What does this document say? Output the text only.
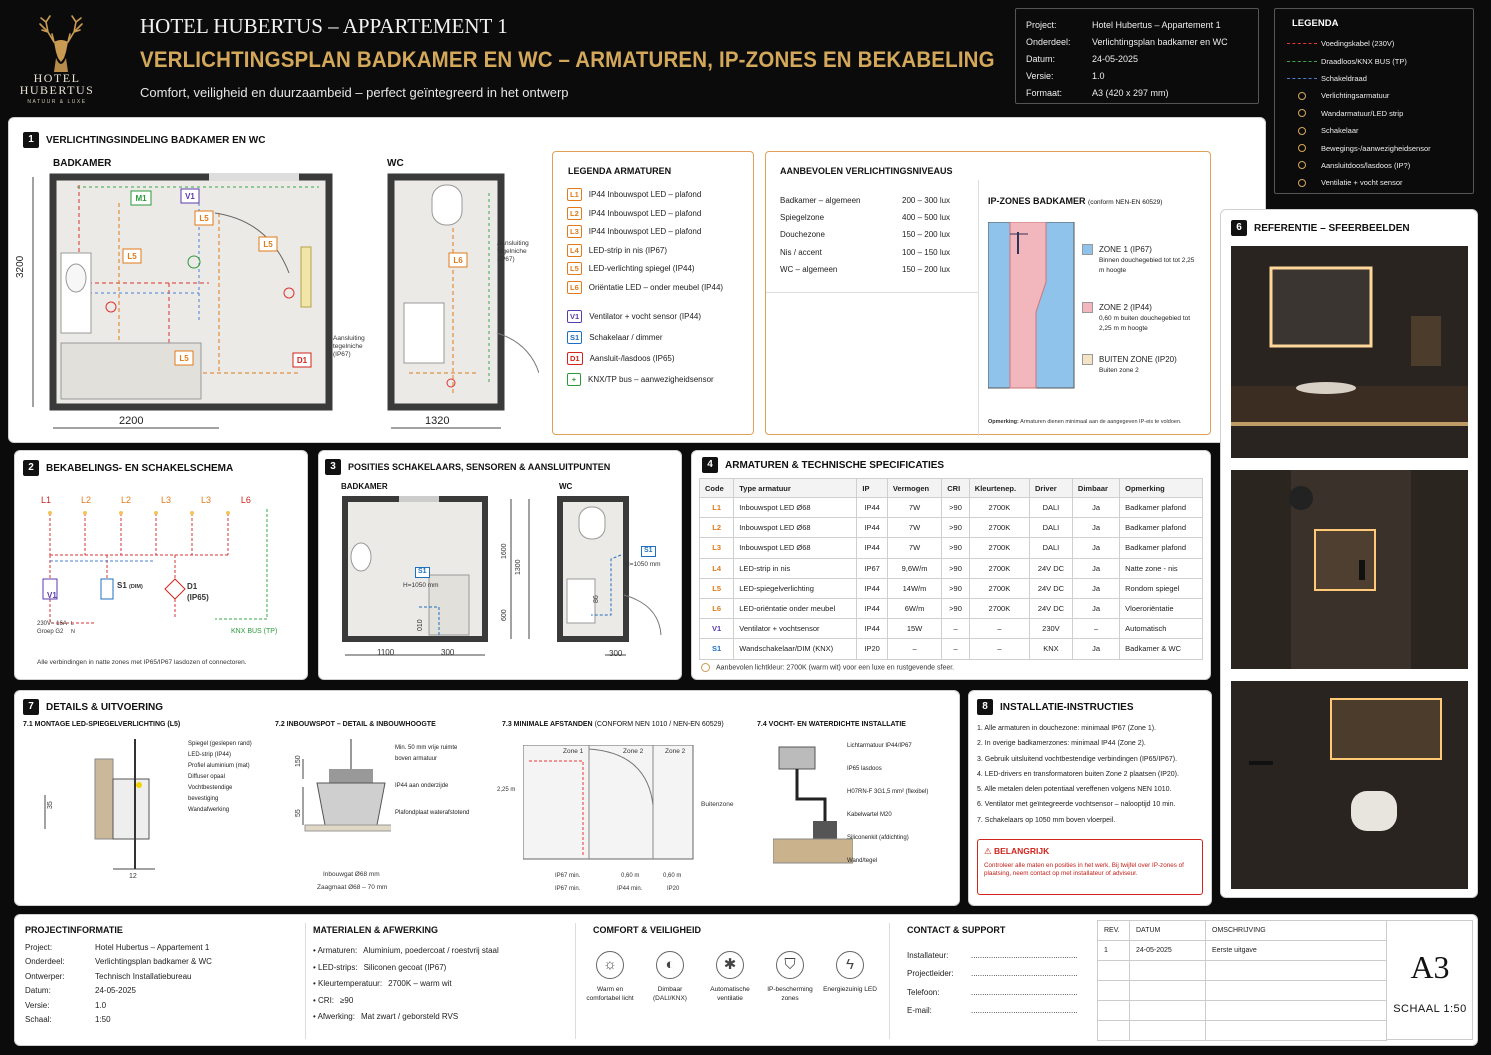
HOTEL HUBERTUS
NATUUR & LUXE
HOTEL HUBERTUS – APPARTEMENT 1
VERLICHTINGSPLAN BADKAMER EN WC – ARMATUREN, IP-ZONES EN BEKABELING
Comfort, veiligheid en duurzaambeid – perfect geïntegreerd in het ontwerp
Project:	Hotel Hubertus – Appartement 1
Onderdeel:	Verlichtingsplan badkamer en WC
Datum:	24-05-2025
Versie:	1.0
Formaat:	A3 (420 x 297 mm)
LEGENDA
Voedingskabel (230V)
Draadloos/KNX BUS (TP)
Schakeldraad
Verlichtingsarmatuur
Wandarmatuur/LED strip
Schakelaar
Bewegings-/aanwezigheidsensor
Aansluitdoos/lasdoos (IP?)
Ventilatie + vocht sensor
1	VERLICHTINGSINDELING BADKAMER EN WC
BADKAMER	WC
M1	V1
L5
L5
L5
L5	D1
L6
3200
2200	1320
Aansluiting tegelniche (IP67)
Aansluiting tegelniche (IP67)
LEGENDA ARMATUREN
L1	IP44 Inbouwspot LED – plafond
L2	IP44 Inbouwspot LED – plafond
L3	IP44 Inbouwspot LED – plafond
L4	LED-strip in nis (IP67)
L5	LED-verlichting spiegel (IP44)
L6	Oriëntatie LED – onder meubel (IP44)
V1	Ventilator + vocht sensor (IP44)
S1	Schakelaar / dimmer
D1	Aansluit-/lasdoos (IP65)
+	KNX/TP bus – aanwezigheidsensor
AANBEVOLEN VERLICHTINGSNIVEAUS
Badkamer – algemeen	200 – 300 lux
Spiegelzone	400 – 500 lux
Douchezone	150 – 200 lux
Nis / accent	100 – 150 lux
WC – algemeen	150 – 200 lux
IP-ZONES BADKAMER (conform NEN-EN 60529)
ZONE 1 (IP67)
Binnen douchegebied tot tot 2,25 m hoogte
ZONE 2 (IP44)
0,60 m buiten douchegebied tot 2,25 m m hoogte
BUITEN ZONE (IP20)
Buiten zone 2
Opmerking: Armaturen dienen minimaal aan de aangegeven IP-eis te voldoen.
6	REFERENTIE – SFEERBEELDEN
2	BEKABELINGS- EN SCHAKELSCHEMA
L1	L2	L2	L3	L3	L6
V1
S1 (DIM)	D1
(IP65)
230V~ 16A Groep G2
L
N	KNX BUS (TP)
Alle verbindingen in natte zones met IP65/IP67 lasdozen of connectoren.
3	POSITIES SCHAKELAARS, SENSOREN & AANSLUITPUNTEN
BADKAMER	WC
S1
H=1050 mm
S1
H=1050 mm
1600
1300
600
1100	300
010
86
300
4	ARMATUREN & TECHNISCHE SPECIFICATIES
Code	Type armatuur	IP	Vermogen	CRI	Kleurtenep.	Driver	Dimbaar	Opmerking
L1	Inbouwspot LED Ø68	IP44	7W	>90	2700K	DALI	Ja	Badkamer plafond
L2	Inbouwspot LED Ø68	IP44	7W	>90	2700K	DALI	Ja	Badkamer plafond
L3	Inbouwspot LED Ø68	IP44	7W	>90	2700K	DALI	Ja	Badkamer plafond
L4	LED-strip in nis	IP67	9,6W/m	>90	2700K	24V DC	Ja	Natte zone - nis
L5	LED-spiegelverlichting	IP44	14W/m	>90	2700K	24V DC	Ja	Rondom spiegel
L6	LED-oriëntatie onder meubel	IP44	6W/m	>90	2700K	24V DC	Ja	Vloeroriëntatie
V1	Ventilator + vochtsensor	IP44	15W	–	–	230V	–	Automatisch
S1	Wandschakelaar/DIM (KNX)	IP20	–	–	–	KNX	Ja	Badkamer & WC
Aanbevolen lichtkleur: 2700K (warm wit) voor een luxe en rustgevende sfeer.
7	DETAILS & UITVOERING
7.1 MONTAGE LED-SPIEGELVERLICHTING (L5)
35
12
Spiegel (geslepen rand)
LED-strip (IP44)
Profiel aluminium (mat)
Diffuser opaal
Vochtbestendige bevestiging
Wandafwerking
7.2 INBOUWSPOT – DETAIL & INBOUWHOOGTE
150
55
Min. 50 mm vrije ruimte boven armatuur
IP44 aan onderzijde
Plafondplaat waterafstotend
Inbouwgat Ø68 mm
Zaagmaat Ø68 – 70 mm
7.3 MINIMALE AFSTANDEN (CONFORM NEN 1010 / NEN-EN 60529)
Zone 1	Zone 2	Zone 2
2,25 m
Buitenzone
0,60 m	0,60 m
IP67 min.
IP67 min.	IP44 min.	IP20
7.4 VOCHT- EN WATERDICHTE INSTALLATIE
Lichtarmatuur IP44/IP67
IP65 lasdoos
H07RN-F 3G1,5 mm² (flexibel)
Kabelwartel M20
Siliconenkit (afdichting)
Wand/tegel
8	INSTALLATIE-INSTRUCTIES
1. Alle armaturen in douchezone: minimaal IP67 (Zone 1).
2. In overige badkamerzones: minimaal IP44 (Zone 2).
3. Gebruik uitsluitend vochtbestendige verbindingen (IP65/IP67).
4. LED-drivers en transformatoren buiten Zone 2 plaatsen (IP20).
5. Alle metalen delen potentiaal vereffenen volgens NEN 1010.
6. Ventilator met geïntegreerde vochtsensor – nalooptijd 10 min.
7. Schakelaars op 1050 mm boven vloerpeil.
⚠ BELANGRIJK
Controleer alle maten en posities in het werk. Bij twijfel over IP-zones of plaatsing, neem contact op met installateur of adviseur.
PROJECTINFORMATIE
Project:	Hotel Hubertus – Appartement 1
Onderdeel:	Verlichtingsplan badkamer & WC
Ontwerper:	Technisch Installatiebureau
Datum:	24-05-2025
Versie:	1.0
Schaal:	1:50
MATERIALEN & AFWERKING
• Armaturen: Aluminium, poedercoat / roestvrij staal
• LED-strips: Siliconen gecoat (IP67)
• Kleurtemperatuur: 2700K – warm wit
• CRI: ≥90
• Afwerking: Mat zwart / geborsteld RVS
COMFORT & VEILIGHEID
☼
Warm en comfortabel licht
◐
Dimbaar (DALI/KNX)
✱
Automatische ventilatie
⛉
IP-bescherming zones
ϟ
Energiezuinig LED
CONTACT & SUPPORT
Installateur:	................................................
Projectleider:	................................................
Telefoon:	................................................
E-mail:	................................................
REV.	DATUM	OMSCHRIJVING
1	24-05-2025	Eerste uitgave

			A3
SCHAAL 1:50
